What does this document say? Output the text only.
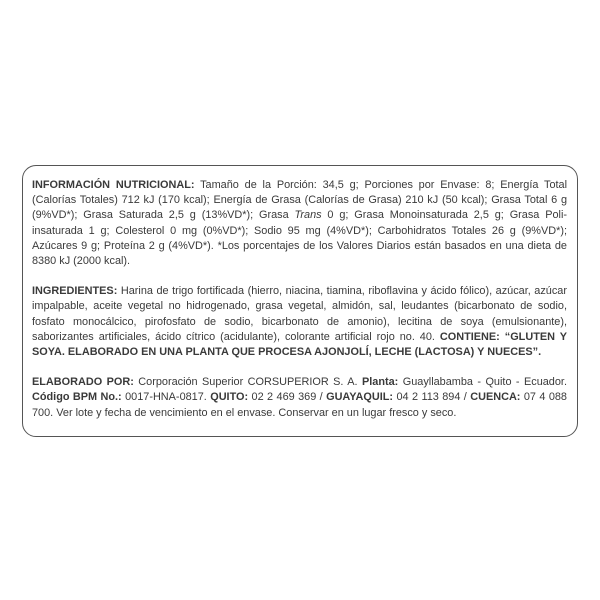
INFORMACIÓN NUTRICIONAL: Tamaño de la Porción: 34,5 g; Porciones por Envase: 8; Energía Total (Calorías Totales) 712 kJ (170 kcal); Energía de Grasa (Calorías de Grasa) 210 kJ (50 kcal); Grasa Total 6 g (9%VD*); Grasa Saturada 2,5 g (13%VD*); Grasa Trans 0 g; Grasa Monoinsaturada 2,5 g; Grasa Poli-insaturada 1 g; Colesterol 0 mg (0%VD*); Sodio 95 mg (4%VD*); Carbohidratos Totales 26 g (9%VD*); Azúcares 9 g; Proteína 2 g (4%VD*). *Los porcentajes de los Valores Diarios están basados en una dieta de 8380 kJ (2000 kcal).

INGREDIENTES: Harina de trigo fortificada (hierro, niacina, tiamina, riboflavina y ácido fólico), azúcar, azúcar impalpable, aceite vegetal no hidrogenado, grasa vegetal, almidón, sal, leudantes (bicarbonato de sodio, fosfato monocálcico, pirofosfato de sodio, bicarbonato de amonio), lecitina de soya (emulsionante), saborizantes artificiales, ácido cítrico (acidulante), colorante artificial rojo no. 40. CONTIENE: “GLUTEN Y SOYA. ELABORADO EN UNA PLANTA QUE PROCESA AJONJOLÍ, LECHE (LACTOSA) Y NUECES”.

ELABORADO POR: Corporación Superior CORSUPERIOR S. A. Planta: Guayllabamba - Quito - Ecuador. Código BPM No.: 0017-HNA-0817. QUITO: 02 2 469 369 / GUAYAQUIL: 04 2 113 894 / CUENCA: 07 4 088 700. Ver lote y fecha de vencimiento en el envase. Conservar en un lugar fresco y seco.
